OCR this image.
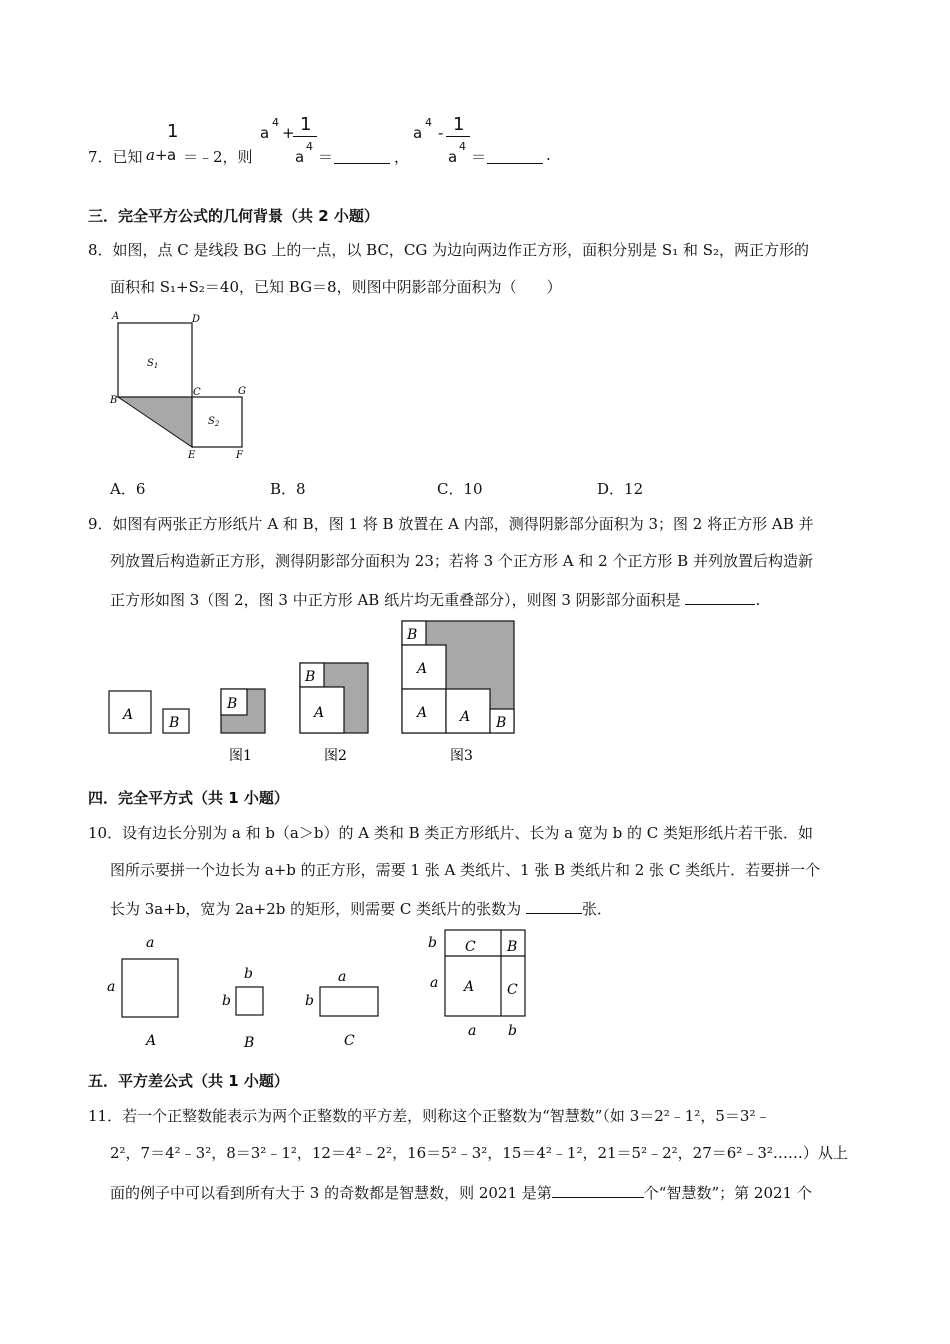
7．已知 a+
1
a ＝﹣2，则
a
4
+ 1
a
4
＝	，
a
4
- 1
a
4
＝	.
三．完全平方公式的几何背景（共 2 小题）
8．如图，点 C 是线段 BG 上的一点，以 BC，CG 为边向两边作正方形，面积分别是 S₁ 和 S₂，两正方形的
面积和 S₁+S₂＝40，已知 BG＝8，则图中阴影部分面积为（　　）
A	D
B
C	G
E	F
$S_1$
$S_2$
A．6	B．8	C．10	D．12
9．如图有两张正方形纸片 A 和 B，图 1 将 B 放置在 A 内部，测得阴影部分面积为 3；图 2 将正方形 AB 并
列放置后构造新正方形，测得阴影部分面积为 23；若将 3 个正方形 A 和 2 个正方形 B 并列放置后构造新
正方形如图 3（图 2，图 3 中正方形 AB 纸片均无重叠部分），则图 3 阴影部分面积是	.
A	B
B
图1
B
A
图2
B
A
A A B
图3
四．完全平方式（共 1 小题）
10．设有边长分别为 a 和 b（a＞b）的 A 类和 B 类正方形纸片、长为 a 宽为 b 的 C 类矩形纸片若干张．如
图所示要拼一个边长为 a+b 的正方形，需要 1 张 A 类纸片、1 张 B 类纸片和 2 张 C 类纸片．若要拼一个
长为 3a+b，宽为 2a+2b 的矩形，则需要 C 类纸片的张数为	张．
a
a
A
b
b
B
a
b
C
b
a
C B
A C
a b
五．平方差公式（共 1 小题）
11．若一个正整数能表示为两个正整数的平方差，则称这个正整数为“智慧数”（如 3＝2²﹣1²，5＝3²﹣
2²，7＝4²﹣3²，8＝3²﹣1²，12＝4²﹣2²，16＝5²﹣3²，15＝4²﹣1²，21＝5²﹣2²，27＝6²﹣3²……）从上
面的例子中可以看到所有大于 3 的奇数都是智慧数，则 2021 是第	个“智慧数”；第 2021 个
